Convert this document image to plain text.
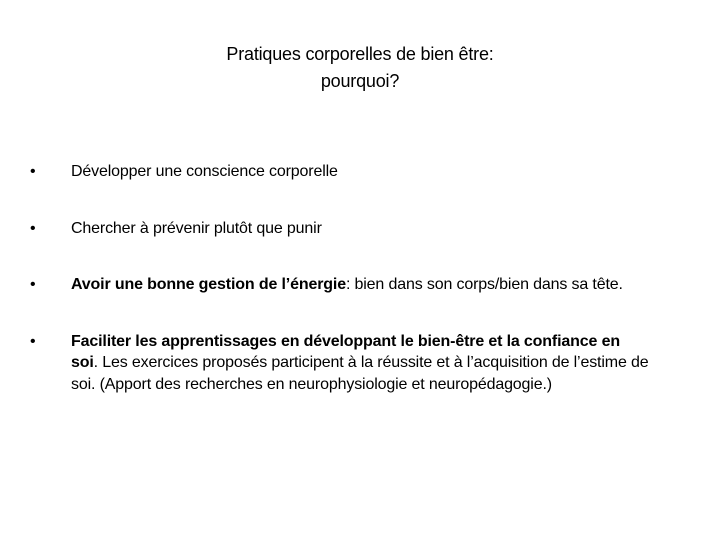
Pratiques corporelles de bien être:
pourquoi?
•	Développer une conscience corporelle
•	Chercher à prévenir plutôt que punir
•	Avoir une bonne gestion de l’énergie: bien dans son corps/bien dans sa tête.
•	Faciliter les apprentissages en développant le bien-être et la confiance en soi. Les exercices proposés participent à la réussite et à l’acquisition de l’estime de soi. (Apport des recherches en neurophysiologie et neuropédagogie.)
